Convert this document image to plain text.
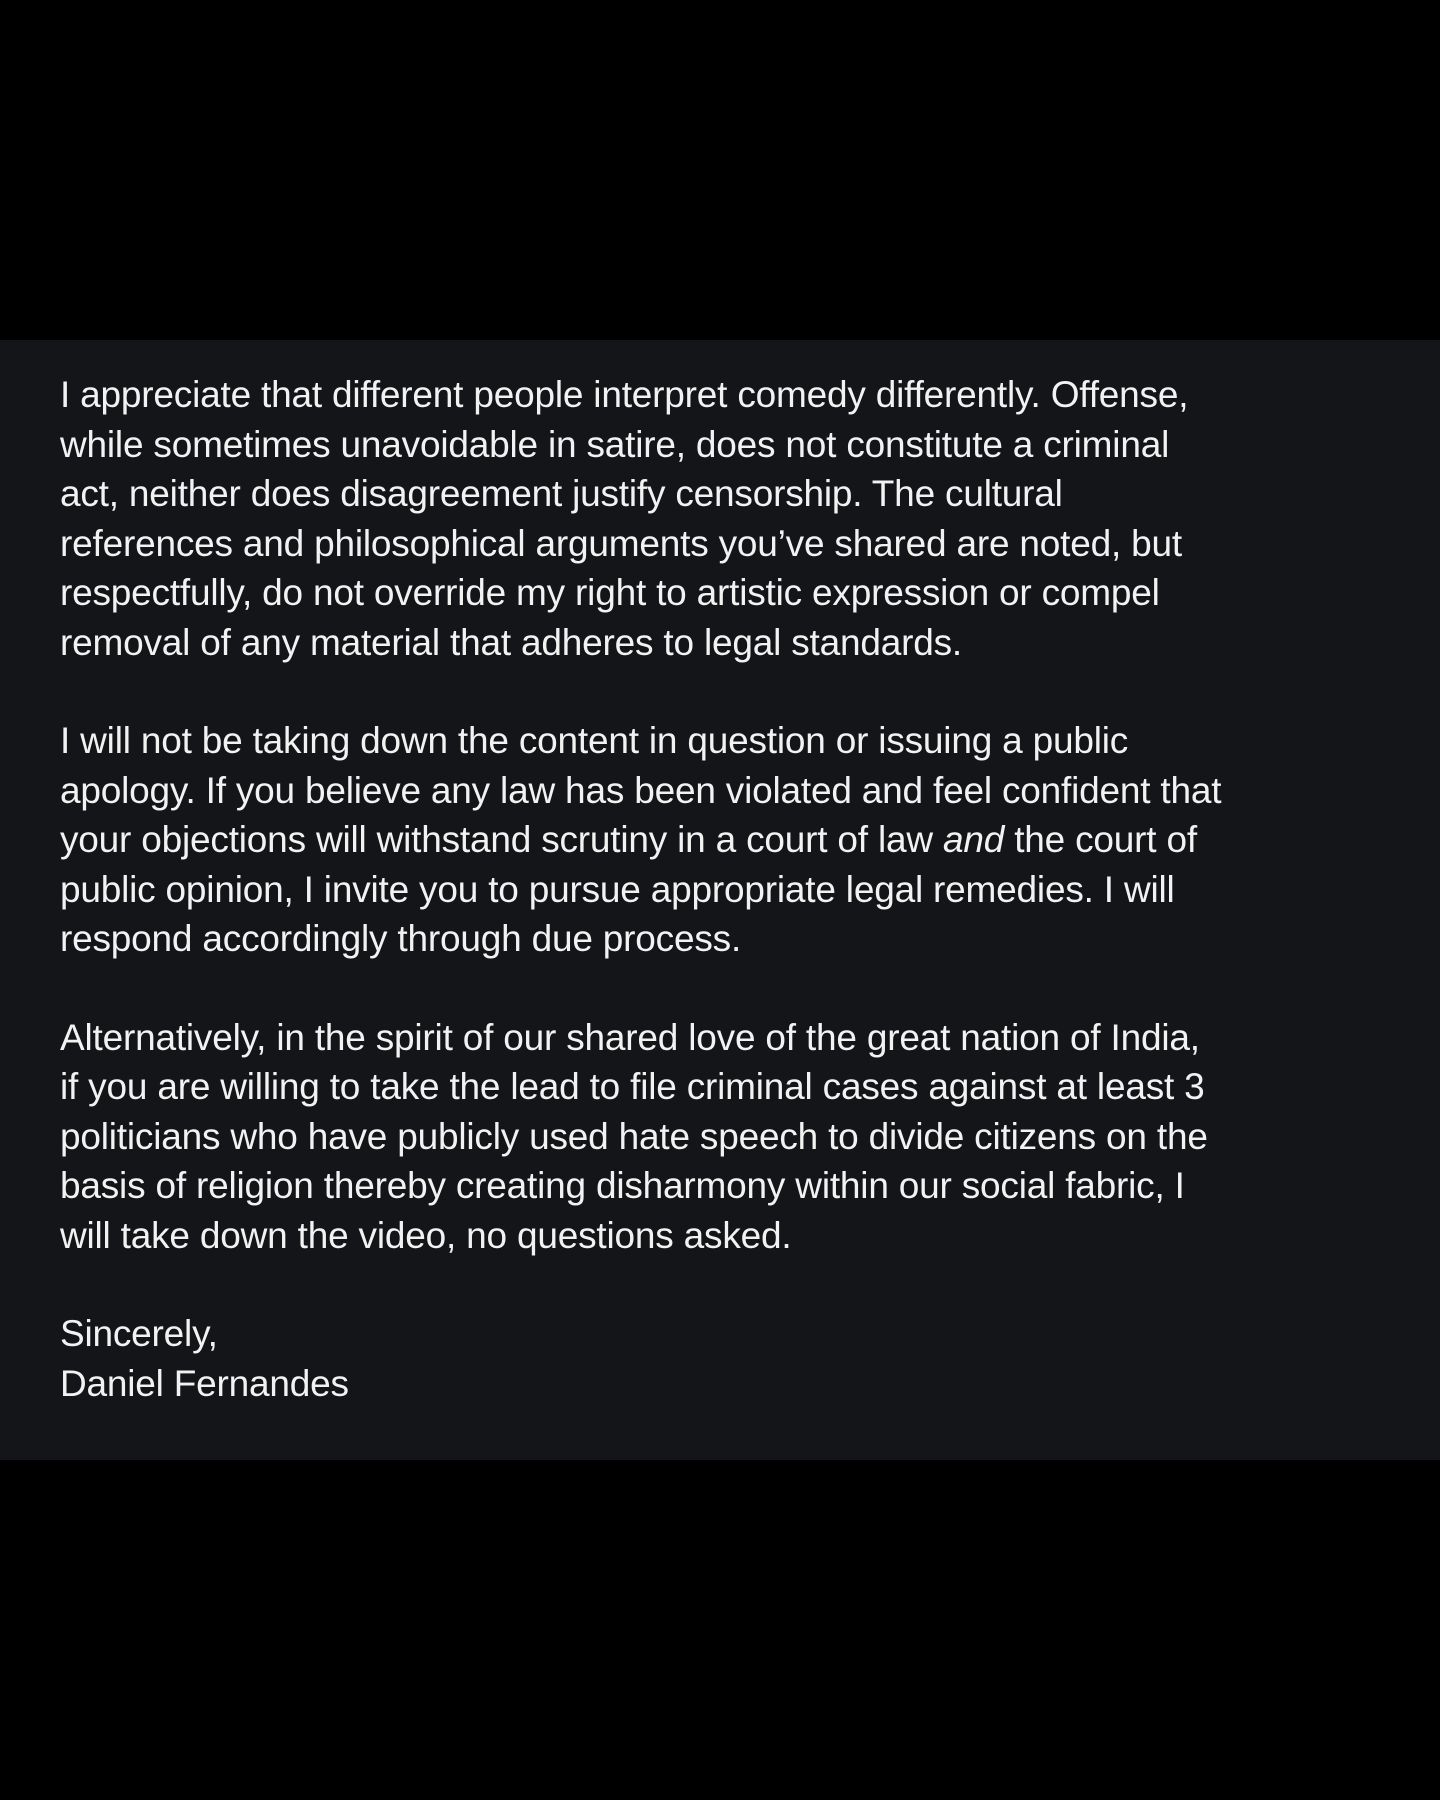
I appreciate that different people interpret comedy differently. Offense,
while sometimes unavoidable in satire, does not constitute a criminal
act, neither does disagreement justify censorship. The cultural
references and philosophical arguments you’ve shared are noted, but
respectfully, do not override my right to artistic expression or compel
removal of any material that adheres to legal standards.

I will not be taking down the content in question or issuing a public
apology. If you believe any law has been violated and feel confident that
your objections will withstand scrutiny in a court of law and the court of
public opinion, I invite you to pursue appropriate legal remedies. I will
respond accordingly through due process.

Alternatively, in the spirit of our shared love of the great nation of India,
if you are willing to take the lead to file criminal cases against at least 3
politicians who have publicly used hate speech to divide citizens on the
basis of religion thereby creating disharmony within our social fabric, I
will take down the video, no questions asked.

Sincerely,
Daniel Fernandes
